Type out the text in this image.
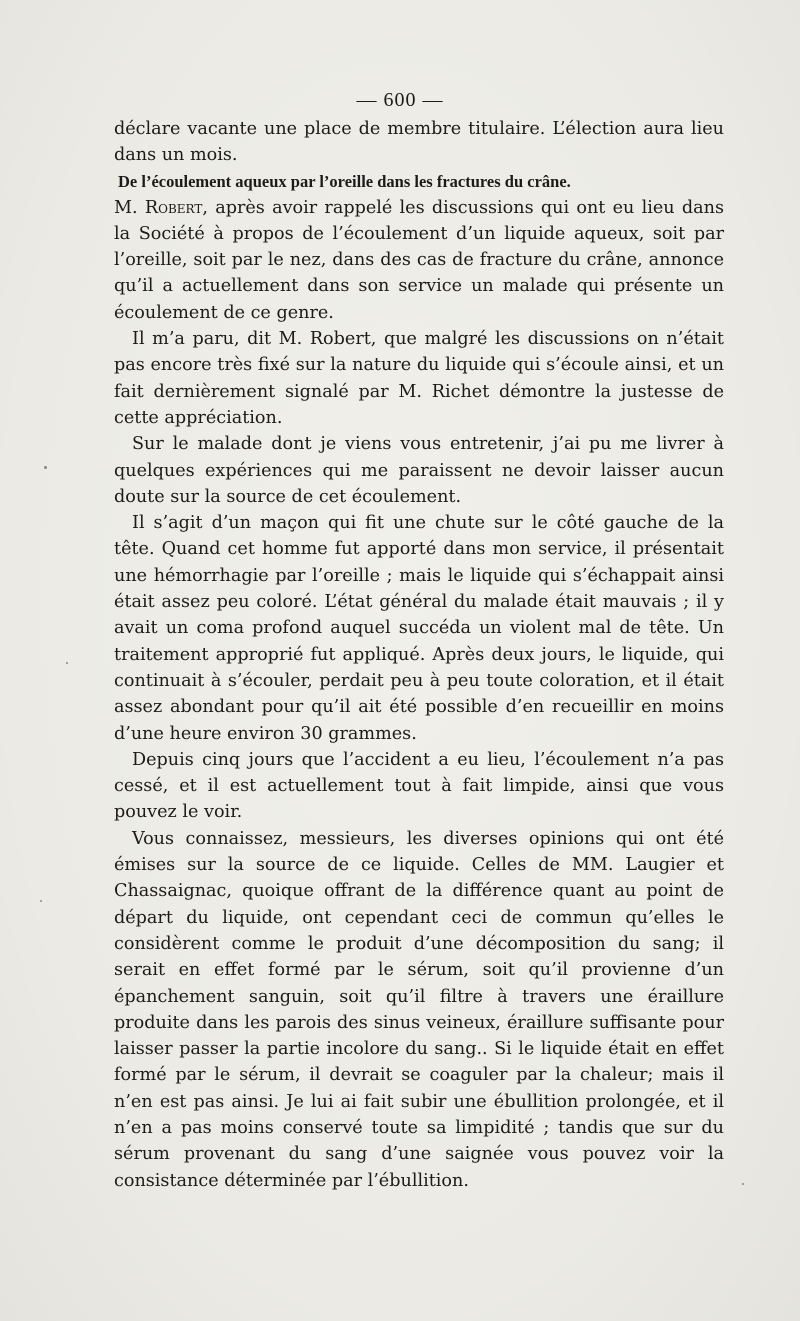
— 600 —

déclare vacante une place de membre titulaire. L’élection aura lieu dans un mois.

De l’écoulement aqueux par l’oreille dans les fractures du crâne.

M. Robert, après avoir rappelé les discussions qui ont eu lieu dans la Société à propos de l’écoulement d’un liquide aqueux, soit par l’oreille, soit par le nez, dans des cas de fracture du crâne, annonce qu’il a actuellement dans son service un malade qui présente un écoulement de ce genre.

Il m’a paru, dit M. Robert, que malgré les discussions on n’était pas encore très fixé sur la nature du liquide qui s’écoule ainsi, et un fait dernièrement signalé par M. Richet démontre la justesse de cette appréciation.

Sur le malade dont je viens vous entretenir, j’ai pu me livrer à quelques expériences qui me paraissent ne devoir laisser aucun doute sur la source de cet écoulement.

Il s’agit d’un maçon qui fit une chute sur le côté gauche de la tête. Quand cet homme fut apporté dans mon service, il présentait une hémorrhagie par l’oreille ; mais le liquide qui s’échappait ainsi était assez peu coloré. L’état général du malade était mauvais ; il y avait un coma profond auquel succéda un violent mal de tête. Un traitement approprié fut appliqué. Après deux jours, le liquide, qui continuait à s’écouler, perdait peu à peu toute coloration, et il était assez abondant pour qu’il ait été possible d’en recueillir en moins d’une heure environ 30 grammes.

Depuis cinq jours que l’accident a eu lieu, l’écoulement n’a pas cessé, et il est actuellement tout à fait limpide, ainsi que vous pouvez le voir.

Vous connaissez, messieurs, les diverses opinions qui ont été émises sur la source de ce liquide. Celles de MM. Laugier et Chassaignac, quoique offrant de la différence quant au point de départ du liquide, ont cependant ceci de commun qu’elles le considèrent comme le produit d’une décomposition du sang; il serait en effet formé par le sérum, soit qu’il provienne d’un épanchement sanguin, soit qu’il filtre à travers une éraillure produite dans les parois des sinus veineux, éraillure suffisante pour laisser passer la partie incolore du sang.. Si le liquide était en effet formé par le sérum, il devrait se coaguler par la chaleur; mais il n’en est pas ainsi. Je lui ai fait subir une ébullition prolongée, et il n’en a pas moins conservé toute sa limpidité ; tandis que sur du sérum provenant du sang d’une saignée vous pouvez voir la consistance déterminée par l’ébullition.
